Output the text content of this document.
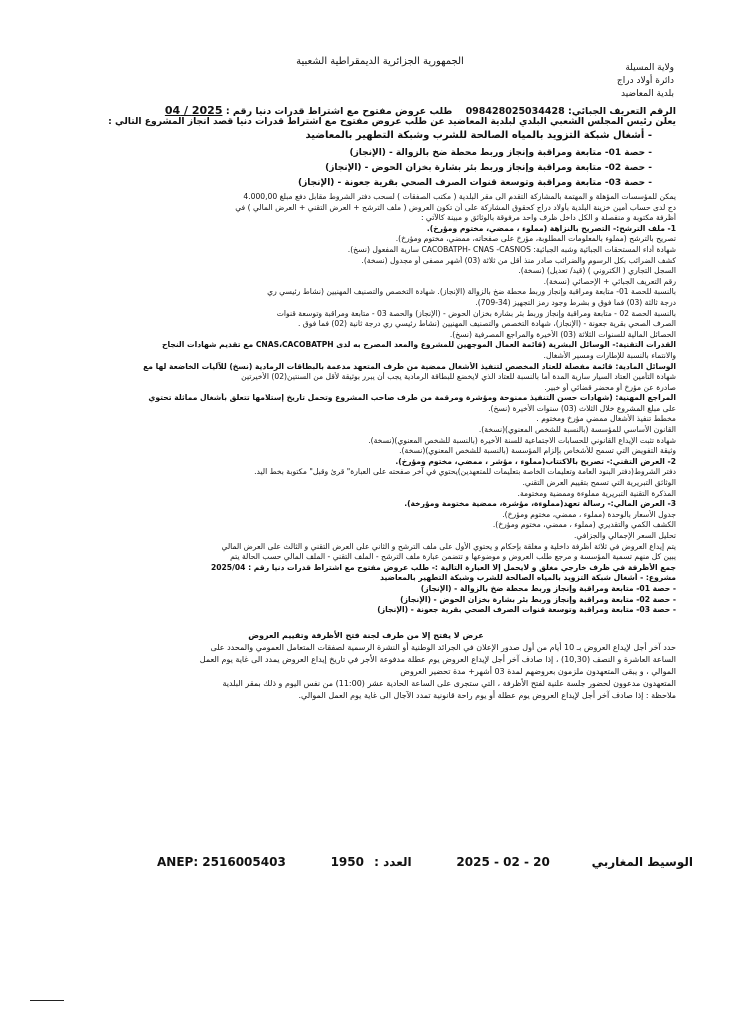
الجمهورية الجزائرية الديمقراطية الشعبية
ولاية المسيلة
دائرة أولاد دراج
بلدية المعاضيد
الرقم التعريف الجبائي: 098428025034428    طلب عروض مفتوح مع اشتراط قدرات دنيا رقم : 2025 / 04
يعلن رئيس المجلس الشعبي البلدي لبلدية المعاضيد عن طلب عروض مفتوح مع اشتراط قدرات دنيا قصد انجاز المشروع التالي :
- أشغال شبكة التزويد بالمياه الصالحة للشرب وشبكة التطهير بالمعاضيد
- حصة 01- متابعة ومراقبة وإنجاز وربط محطة ضخ بالزوالة - (الإنجاز)
- حصة 02- متابعة ومراقبة وإنجاز وربط بئر بشارة بخزان الحوض - (الإنجاز)
- حصة 03- متابعة ومراقبة وتوسعة قنوات الصرف الصحي بقرية جعونة - (الإنجاز)

يمكن للمؤسسات المؤهلة و المهتمة بالمشاركة التقدم الى مقر البلدية ( مكتب الصفقات ) لسحب دفتر الشروط مقابل دفع مبلغ 4.000,00

دج لدى حساب أمين خزينة البلدية بأولاد دراج كحقوق المشاركة على أن تكون العروض ( ملف الترشح + العرض التقني + العرض المالي ) في

أظرفة مكتوبة و منفصلة و الكل داخل ظرف واحد مرفوقة بالوثائق و مبينة كالآتي :

1- ملف الترشح:- التصريح بالنزاهة (مملوء ، ممضي، مختوم ومؤرخ).

تصريح بالترشح (مملوء بالمعلومات المطلوبة، مؤرخ على صفحاته، ممضي، مختوم ومؤرخ).

شهادة أداء المستحقات الجبائية وشبه الجبائية: CACOBATPH- CNAS -CASNOS سارية المفعول (نسخ).

كشف الضرائب بكل الرسوم والضرائب صادر منذ أقل من ثلاثة (03) أشهر مصفى أو مجدول (نسخة).

السجل التجاري ( الكتروني ) (قيد/ تعديل) (نسخة).

رقم التعريف الجبائي + الإحصائي (نسخة).

بالنسبة للحصة 01- متابعة ومراقبة وإنجاز وربط محطة ضخ بالزوالة (الإنجاز). شهادة التخصص والتصنيف المهنيين (نشاط رئيسي ري

درجة ثالثة (03) فما فوق و بشرط وجود رمز التجهيز (34-709).

بالنسبة الحصة 02 - متابعة ومراقبة وإنجاز وربط بئر بشارة بخزان الحوض - (الإنجاز) والحصة 03 - متابعة ومراقبة وتوسعة قنوات

الصرف الصحي بقرية جعونة - (الإنجاز)، شهادة التخصص والتصنيف المهنيين (نشاط رئيسي ري درجة ثانية (02) فما فوق .

الحصائل المالية للسنوات الثلاثة (03) الأخيرة والمراجع المصرفية (نسخ).

القدرات التقنية:- الوسائل البشرية (قائمة العمال الموجهين للمشروع والمعد المصرح به لدى CNAS،CACOBATPH مع تقديم شهادات النجاح

والانتماء بالنسبة للإطارات ومسير الأشغال.

الوسائل المادية: قائمة مفصلة للعتاد المخصص لتنفيذ الأشغال ممضية من طرف المتعهد مدعمة بالبطاقات الرمادية (نسخ) للآليات الخاضعة لها مع

شهادة التأمين العتاد السيار سارية المدة أما بالنسبة للعتاد الذي لايخضع للبطاقة الرمادية يجب أن يبرر بوثيقة لأقل من السنتين(02) الأخيرتين

صادرة عن مؤرخ أو محضر قضائي أو خبير.

المراجع المهنية: (شهادات حسن التنفيذ ممنوحة ومؤشرة ومرقمة من طرف صاحب المشروع وتحمل تاريخ إستلامها تتعلق بأشغال مماثلة تحتوي

على مبلغ المشروع خلال الثلاث (03) سنوات الأخيرة (نسخ).

مخطط تنفيذ الأشغال ممضي مؤرخ ومختوم .

القانون الأساسي للمؤسسة (بالنسبة للشخص المعنوي)(نسخة).

شهادة تثبت الإيداع القانوني للحسابات الاجتماعية للسنة الأخيرة (بالنسبة للشخص المعنوي)(نسخة).

وثيقة التفويض التي تسمح للأشخاص بإلزام المؤسسة (بالنسبة للشخص المعنوي)(نسخة).

2- العرض التقني:- تصريح بالاكتتاب(مملوء ، مؤشر ، ممضي، مختوم ومؤرخ).

دفتر الشروط(دفتر البنود العامة وتعليمات الخاصة بتعليمات للمتعهدين)يحتوي في آخر صفحته على العبارة" قرئ وقبل" مكتوبة بخط اليد.

الوثائق التبريرية التي تسمح بتقييم العرض التقني.

المذكرة التقنية التبريرية مملوءة وممضية ومختومة.

3- العرض المالي:- رسالة تعهد(مملوءة، مؤشرة، ممضية مختومة ومؤرخة).

جدول الأسعار بالوحدة (مملوء ، ممضي، مختوم ومؤرخ).

الكشف الكمي والتقديري (مملوء ، ممضي، مختوم ومؤرخ).

تحليل السعر الإجمالي والجزافي.

يتم إيداع العروض في ثلاثة أظرفة داخلية و مغلقة بإحكام و يحتوي الأول على ملف الترشح و الثاني على العرض التقني و الثالث على العرض المالي

يبين كل منهم تسمية المؤسسة و مرجع طلب العروض و موضوعها و تتضمن عبارة ملف الترشح - الملف التقني - الملف المالي حسب الحالة يتم

جمع الأظرفة في ظرف خارجي مغلق و لايحمل إلا العبارة التالية :- طلب عروض مفتوح مع اشتراط قدرات دنيا رقم : 2025/04

مشروع: - أشغال شبكة التزويد بالمياه الصالحة للشرب وشبكة التطهير بالمعاضيد

- حصة 01- متابعة ومراقبة وإنجاز وربط محطة ضخ بالزوالة - (الإنجاز)

- حصة 02- متابعة ومراقبة وإنجاز وربط بئر بشارة بخزان الحوض - (الإنجاز)

- حصة 03- متابعة ومراقبة وتوسعة قنوات الصرف الصحي بقرية جعونة - (الإنجاز)

عرض لا يفتح إلا من طرف لجنة فتح الأظرفة وتقييم العروض

حدد آخر أجل لإيداع العروض بـ 10 أيام من أول صدور الإعلان في الجرائد الوطنية أو النشرة الرسمية لصفقات المتعامل العمومي والمحدد على

الساعة العاشرة و النصف (10,30) ، إذا صادف آخر أجل لإيداع العروض يوم عطلة مدفوعة الأجر في تاريخ إيداع العروض يمدد الى غاية يوم العمل

الموالي ، و يبقى المتعهدون ملزمون بعروضهم لمدة 03 أشهر+ مدة تحضير العروض

المتعهدون مدعوون لحضور جلسة علنية لفتح الأظرفة ، التي ستجرى على الساعة الحادية عشر (11:00) من نفس اليوم و ذلك بمقر البلدية

ملاحظة : إذا صادف آخر أجل لإيداع العروض يوم عطلة أو يوم راحة قانونية تمدد الآجال الى غاية يوم العمل الموالي.

ANEP: 2516005403	العدد : 1950	2025 - 02 - 20	الوسيط المغاربي
